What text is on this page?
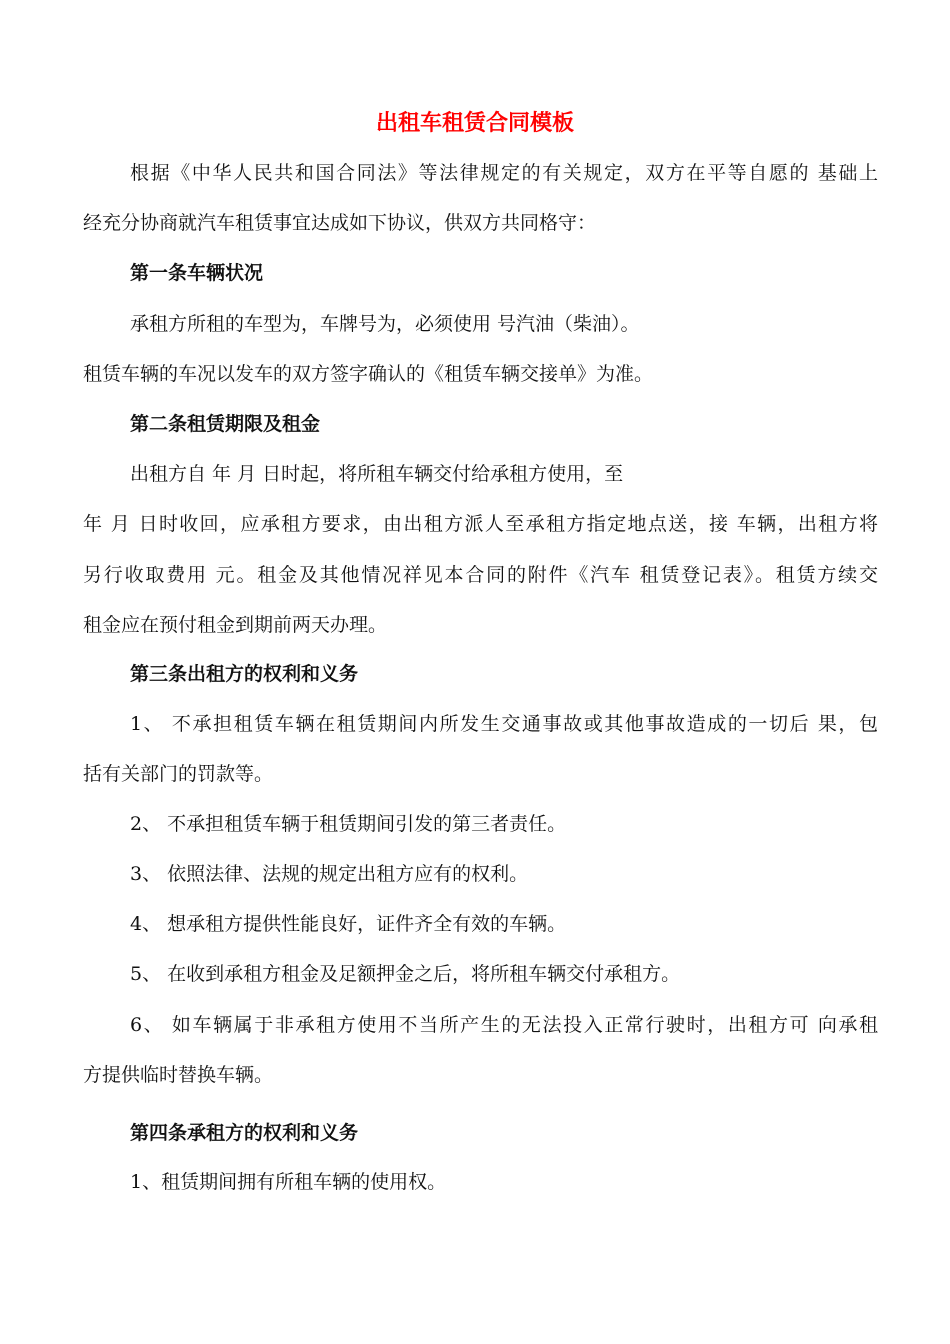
出租车租赁合同模板
根据《中华人民共和国合同法》等法律规定的有关规定，双方在平等自愿的 基础上
经充分协商就汽车租赁事宜达成如下协议，供双方共同格守：
第一条车辆状况
承租方所租的车型为，车牌号为，必须使用 号汽油（柴油）。
租赁车辆的车况以发车的双方签字确认的《租赁车辆交接单》为准。
第二条租赁期限及租金
出租方自 年 月 日时起，将所租车辆交付给承租方使用，至
年 月 日时收回，应承租方要求，由出租方派人至承租方指定地点送，接 车辆，出租方将
另行收取费用 元。租金及其他情况祥见本合同的附件《汽车 租赁登记表》。租赁方续交
租金应在预付租金到期前两天办理。
第三条出租方的权利和义务
1、 不承担租赁车辆在租赁期间内所发生交通事故或其他事故造成的一切后 果，包
括有关部门的罚款等。
2、 不承担租赁车辆于租赁期间引发的第三者责任。
3、 依照法律、法规的规定出租方应有的权利。
4、 想承租方提供性能良好，证件齐全有效的车辆。
5、 在收到承租方租金及足额押金之后，将所租车辆交付承租方。
6、 如车辆属于非承租方使用不当所产生的无法投入正常行驶时，出租方可 向承租
方提供临时替换车辆。
第四条承租方的权利和义务
1、租赁期间拥有所租车辆的使用权。
